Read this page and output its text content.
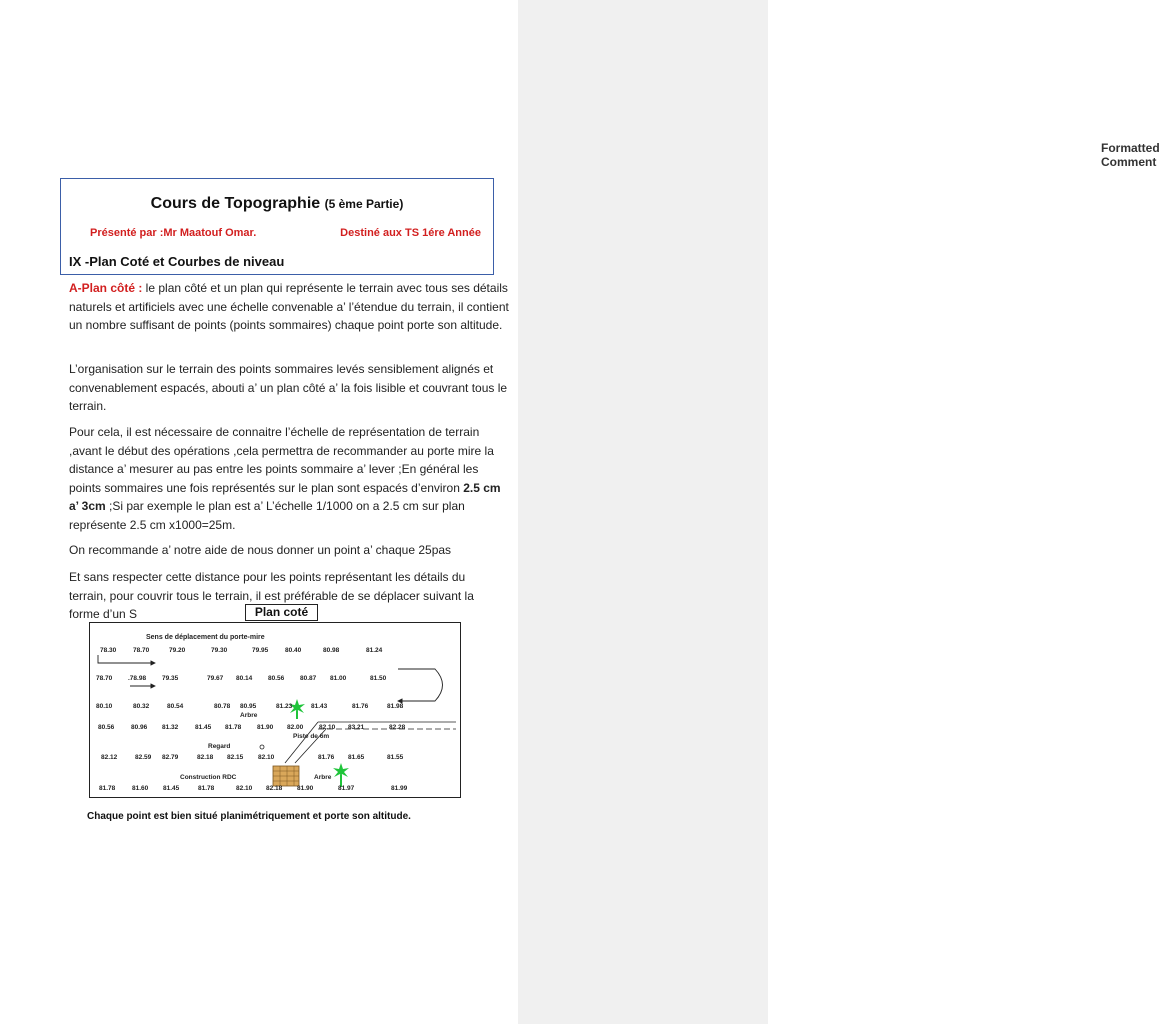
Formatted Comment
Cours de Topographie (5 ème Partie)
Présenté par :Mr Maatouf Omar.	Destiné aux TS 1ére Année
IX -Plan Coté et Courbes de niveau
A-Plan côté : le plan côté et un plan qui représente le terrain avec tous ses détails naturels et artificiels avec une échelle convenable a’ l’étendue du terrain, il contient un nombre suffisant de points (points sommaires) chaque point porte son altitude.
L’organisation sur le terrain des points sommaires levés sensiblement alignés et convenablement espacés, abouti a’ un plan côté a’ la fois lisible et couvrant tous le terrain.
Pour cela, il est nécessaire de connaitre l’échelle de représentation de terrain ,avant le début des opérations ,cela permettra de recommander au porte mire la distance a’ mesurer au pas entre les points sommaire a’ lever ;En général les points sommaires une fois représentés sur le plan sont espacés d’environ 2.5 cm a’ 3cm ;Si par exemple le plan est a’ L’échelle 1/1000 on a 2.5 cm sur plan représente 2.5 cm x1000=25m.
On recommande a’ notre aide de nous donner un point a’ chaque 25pas
Et sans respecter cette distance pour les points représentant les détails du terrain, pour couvrir tous le terrain, il est préférable de se déplacer suivant la forme d’un S	Plan coté
Sens de déplacement du porte-mire
Arbre
Piste de 6m
Regard
Construction RDC	Arbre
78.30	78.70	79.20	79.30	79.95	80.40	80.98	81.24
78.70 .78.98 79.35	79.67 80.14 80.56 80.87 81.00	81.50
80.10	80.32	80.54	80.78 80.95	81.23	81.43	81.76	81.98
80.56	80.96 81.32	81.45 81.78 81.90 82.00 82.10 83.21	82.28
82.12	82.59 82.79	82.18 82.15 82.10	81.76 81.65	81.55
81.78	81.60 81.45	81.78	82.10 82.18 81.90	81.97	81.99
Chaque point est bien situé planimétriquement et porte son altitude.
